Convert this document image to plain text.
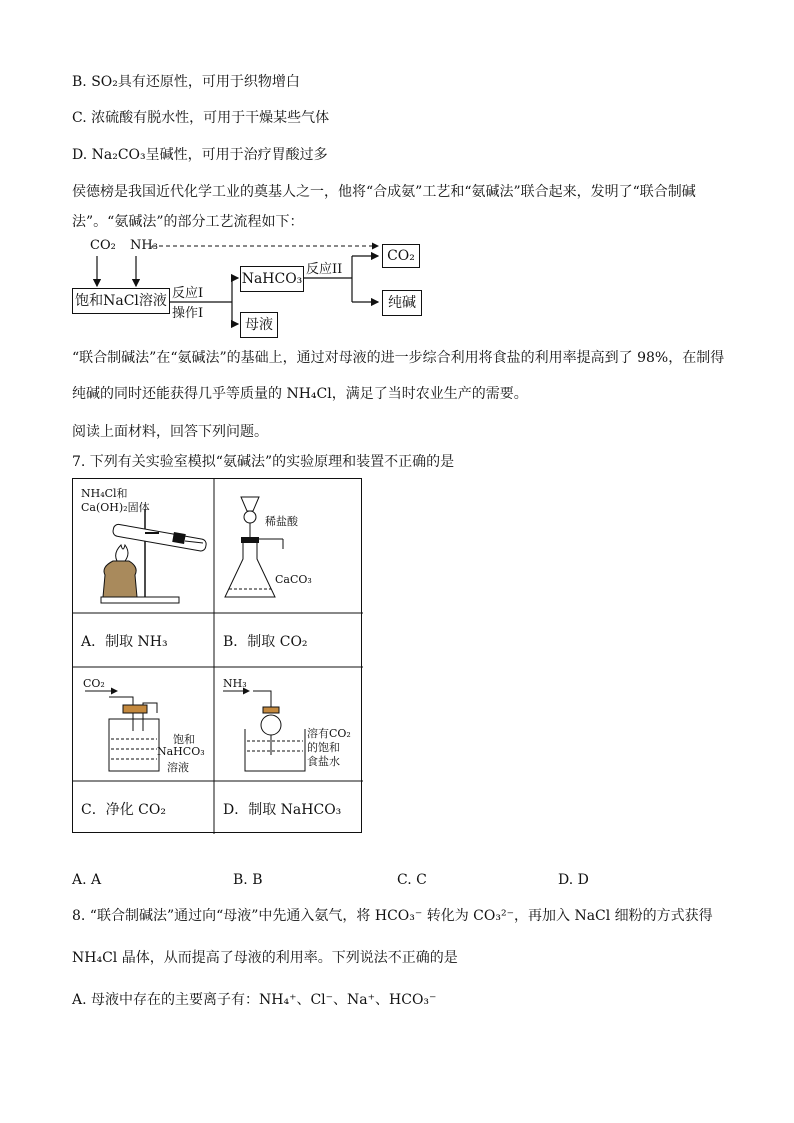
B. SO₂具有还原性，可用于织物增白
C. 浓硫酸有脱水性，可用于干燥某些气体
D. Na₂CO₃呈碱性，可用于治疗胃酸过多
侯德榜是我国近代化学工业的奠基人之一，他将“合成氨”工艺和“氨碱法”联合起来，发明了“联合制碱
法”。“氨碱法”的部分工艺流程如下：
CO₂ NH₃
饱和NaCl溶液 反应I
操作I
NaHCO₃
反应II
CO₂
纯碱
母液
“联合制碱法”在“氨碱法”的基础上，通过对母液的进一步综合利用将食盐的利用率提高到了 98%，在制得
纯碱的同时还能获得几乎等质量的 NH₄Cl，满足了当时农业生产的需要。
阅读上面材料，回答下列问题。
7. 下列有关实验室模拟“氨碱法”的实验原理和装置不正确的是
NH₄Cl和
Ca(OH)₂固体
稀盐酸
CaCO₃
CO₂
饱和
NaHCO₃
溶液
NH₃
溶有CO₂
的饱和
食盐水
A．制取 NH₃	B．制取 CO₂
C．净化 CO₂	D．制取 NaHCO₃
A. A	B. B	C. C	D. D
8. “联合制碱法”通过向“母液”中先通入氨气，将 HCO₃⁻ 转化为 CO₃²⁻，再加入 NaCl 细粉的方式获得
NH₄Cl 晶体，从而提高了母液的利用率。下列说法不正确的是
A. 母液中存在的主要离子有：NH₄⁺、Cl⁻、Na⁺、HCO₃⁻
